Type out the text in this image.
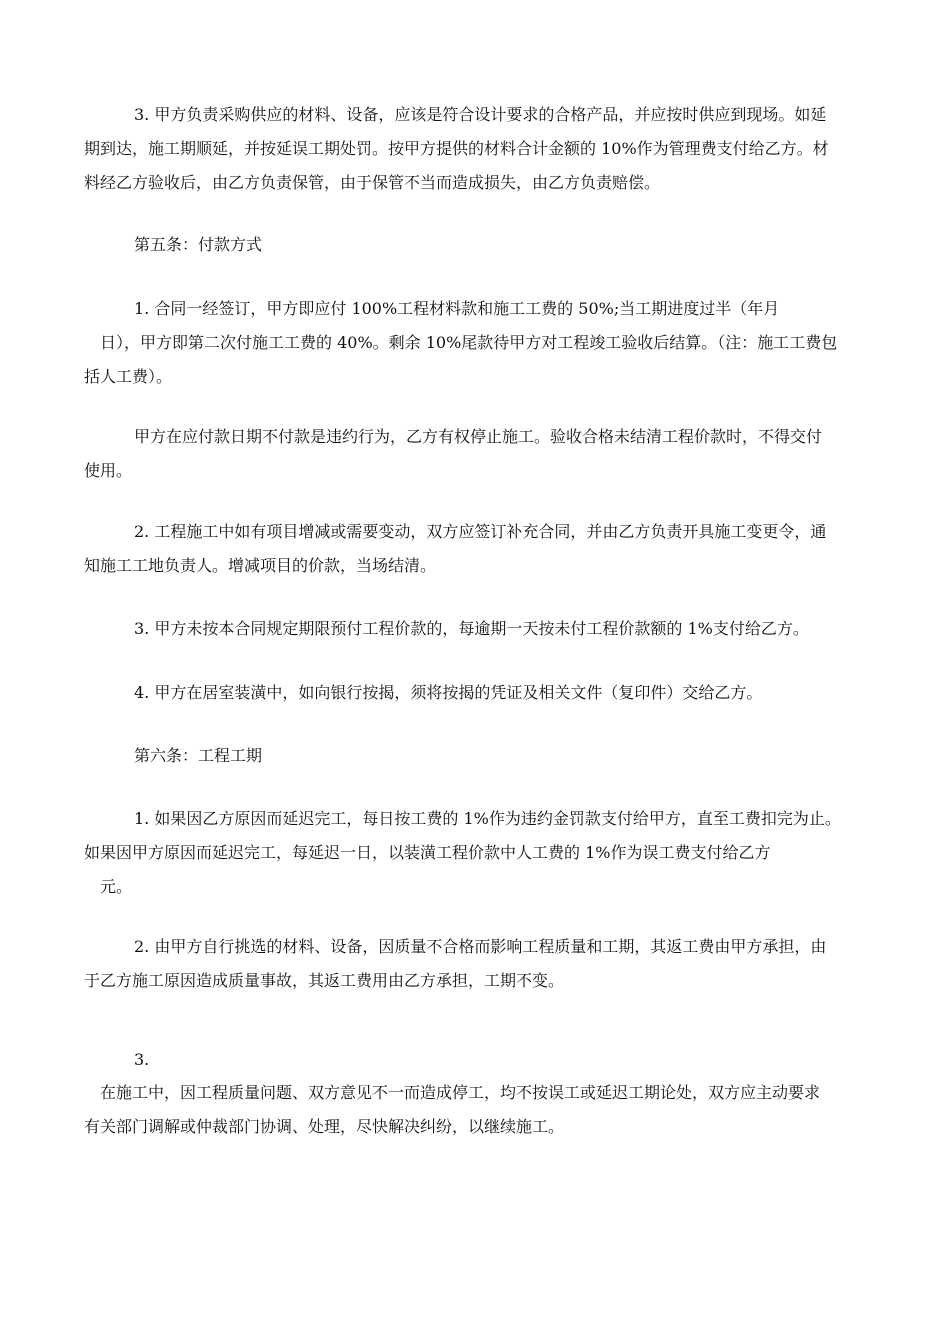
3. 甲方负责采购供应的材料、设备，应该是符合设计要求的合格产品，并应按时供应到现场。如延
期到达，施工期顺延，并按延误工期处罚。按甲方提供的材料合计金额的 10%作为管理费支付给乙方。材
料经乙方验收后，由乙方负责保管，由于保管不当而造成损失，由乙方负责赔偿。
第五条：付款方式
1. 合同一经签订，甲方即应付 100%工程材料款和施工工费的 50%;当工期进度过半（年月
日），甲方即第二次付施工工费的 40%。剩余 10%尾款待甲方对工程竣工验收后结算。（注：施工工费包
括人工费）。
甲方在应付款日期不付款是违约行为，乙方有权停止施工。验收合格未结清工程价款时，不得交付
使用。
2. 工程施工中如有项目增减或需要变动，双方应签订补充合同，并由乙方负责开具施工变更令，通
知施工工地负责人。增减项目的价款，当场结清。
3. 甲方未按本合同规定期限预付工程价款的，每逾期一天按未付工程价款额的 1%支付给乙方。
4. 甲方在居室装潢中，如向银行按揭，须将按揭的凭证及相关文件（复印件）交给乙方。
第六条：工程工期
1. 如果因乙方原因而延迟完工，每日按工费的 1%作为违约金罚款支付给甲方，直至工费扣完为止。
如果因甲方原因而延迟完工，每延迟一日，以装潢工程价款中人工费的 1%作为误工费支付给乙方
元。
2. 由甲方自行挑选的材料、设备，因质量不合格而影响工程质量和工期，其返工费由甲方承担，由
于乙方施工原因造成质量事故，其返工费用由乙方承担，工期不变。
3.
在施工中，因工程质量问题、双方意见不一而造成停工，均不按误工或延迟工期论处，双方应主动要求
有关部门调解或仲裁部门协调、处理，尽快解决纠纷，以继续施工。
